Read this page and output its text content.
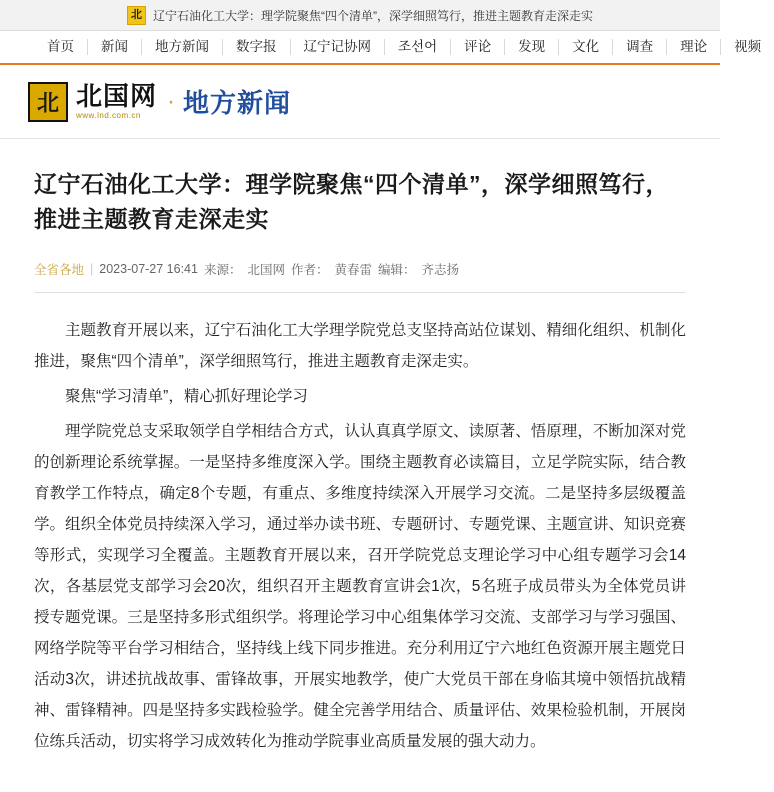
北 辽宁石油化工大学：理学院聚焦“四个清单”，深学细照笃行，推进主题教育走深走实
首页	新闻	地方新闻	数字报	辽宁记协网	조선어	评论	发现	文化	调查	理论	视频
北
北国网
www.lnd.com.cn
· 地方新闻
辽宁石油化工大学：理学院聚焦“四个清单”，深学细照笃行，推进主题教育走深走实
全省各地 | 2023-07-27 16:41 来源： 北国网 作者： 黄春雷 编辑： 齐志扬

主题教育开展以来，辽宁石油化工大学理学院党总支坚持高站位谋划、精细化组织、机制化推进，聚焦“四个清单”，深学细照笃行，推进主题教育走深走实。

聚焦“学习清单”，精心抓好理论学习

理学院党总支采取领学自学相结合方式，认认真真学原文、读原著、悟原理，不断加深对党的创新理论系统掌握。一是坚持多维度深入学。围绕主题教育必读篇目，立足学院实际，结合教育教学工作特点，确定8个专题，有重点、多维度持续深入开展学习交流。二是坚持多层级覆盖学。组织全体党员持续深入学习，通过举办读书班、专题研讨、专题党课、主题宣讲、知识竞赛等形式，实现学习全覆盖。主题教育开展以来，召开学院党总支理论学习中心组专题学习会14次，各基层党支部学习会20次，组织召开主题教育宣讲会1次，5名班子成员带头为全体党员讲授专题党课。三是坚持多形式组织学。将理论学习中心组集体学习交流、支部学习与学习强国、网络学院等平台学习相结合，坚持线上线下同步推进。充分利用辽宁六地红色资源开展主题党日活动3次，讲述抗战故事、雷锋故事，开展实地教学，使广大党员干部在身临其境中领悟抗战精神、雷锋精神。四是坚持多实践检验学。健全完善学用结合、质量评估、效果检验机制，开展岗位练兵活动，切实将学习成效转化为推动学院事业高质量发展的强大动力。
